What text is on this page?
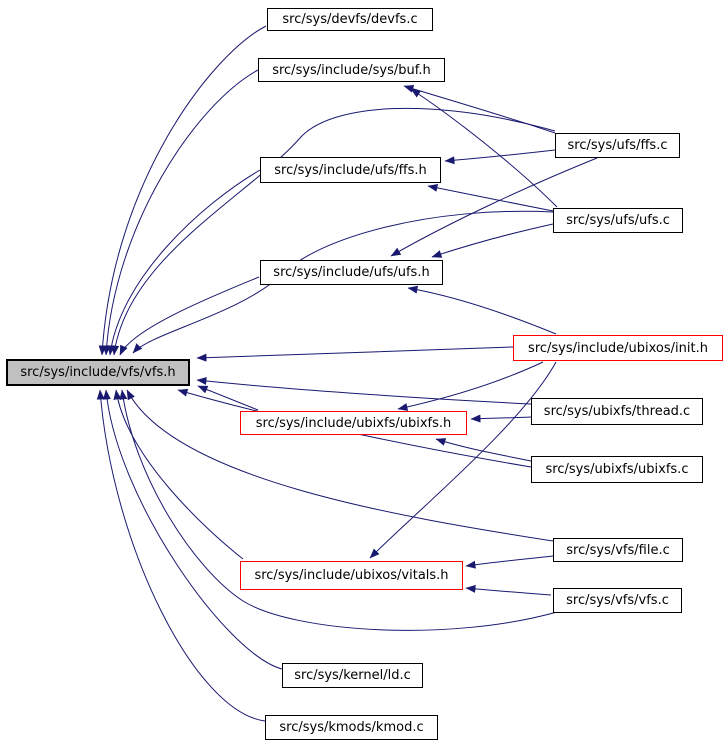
src/sys/include/vfs/vfs.h
src/sys/devfs/devfs.c
src/sys/include/sys/buf.h
src/sys/ufs/ffs.c
src/sys/include/ufs/ffs.h
src/sys/ufs/ufs.c
src/sys/include/ufs/ufs.h
src/sys/include/ubixos/init.h
src/sys/ubixfs/thread.c
src/sys/include/ubixfs/ubixfs.h
src/sys/ubixfs/ubixfs.c
src/sys/vfs/file.c
src/sys/include/ubixos/vitals.h
src/sys/vfs/vfs.c
src/sys/kernel/ld.c
src/sys/kmods/kmod.c
